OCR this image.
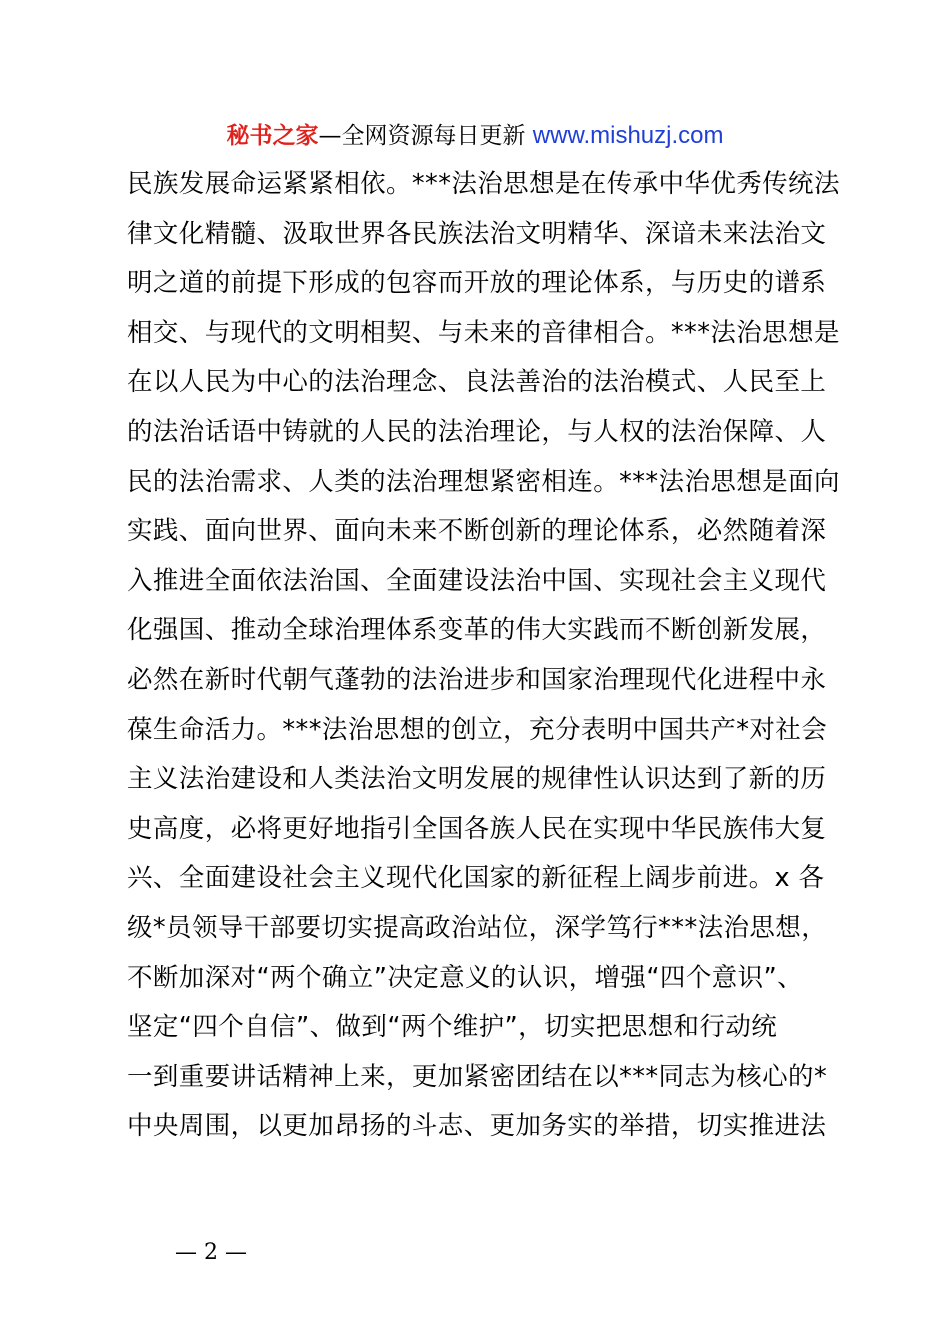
秘书之家—全网资源每日更新 www.mishuzj.com
民族发展命运紧紧相依。***法治思想是在传承中华优秀传统法
律文化精髓、汲取世界各民族法治文明精华、深谙未来法治文
明之道的前提下形成的包容而开放的理论体系，与历史的谱系
相交、与现代的文明相契、与未来的音律相合。***法治思想是
在以人民为中心的法治理念、良法善治的法治模式、人民至上
的法治话语中铸就的人民的法治理论，与人权的法治保障、人
民的法治需求、人类的法治理想紧密相连。***法治思想是面向
实践、面向世界、面向未来不断创新的理论体系，必然随着深
入推进全面依法治国、全面建设法治中国、实现社会主义现代
化强国、推动全球治理体系变革的伟大实践而不断创新发展，
必然在新时代朝气蓬勃的法治进步和国家治理现代化进程中永
葆生命活力。***法治思想的创立，充分表明中国共产*对社会
主义法治建设和人类法治文明发展的规律性认识达到了新的历
史高度，必将更好地指引全国各族人民在实现中华民族伟大复
兴、全面建设社会主义现代化国家的新征程上阔步前进。x 各
级*员领导干部要切实提高政治站位，深学笃行***法治思想，
不断加深对“两个确立”决定意义的认识，增强“四个意识”、
坚定“四个自信”、做到“两个维护”，切实把思想和行动统
一到重要讲话精神上来，更加紧密团结在以***同志为核心的*
中央周围，以更加昂扬的斗志、更加务实的举措，切实推进法
— 2 —
